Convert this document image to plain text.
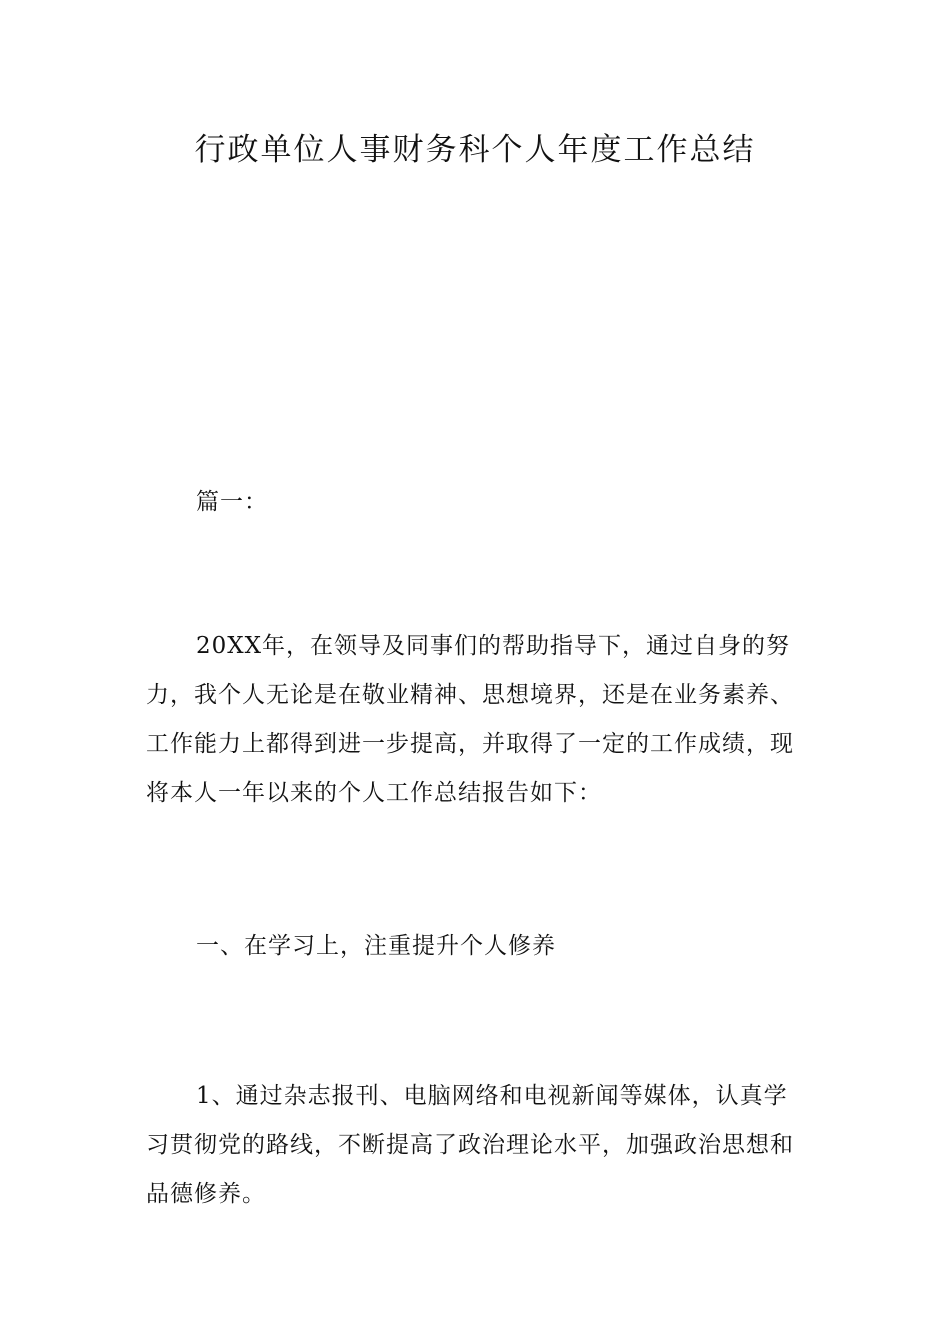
行政单位人事财务科个人年度工作总结

篇一：

20XX年，在领导及同事们的帮助指导下，通过自身的努力，我个人无论是在敬业精神、思想境界，还是在业务素养、工作能力上都得到进一步提高，并取得了一定的工作成绩，现将本人一年以来的个人工作总结报告如下：

一、在学习上，注重提升个人修养

1、通过杂志报刊、电脑网络和电视新闻等媒体，认真学习贯彻党的路线，不断提高了政治理论水平，加强政治思想和品德修养。
